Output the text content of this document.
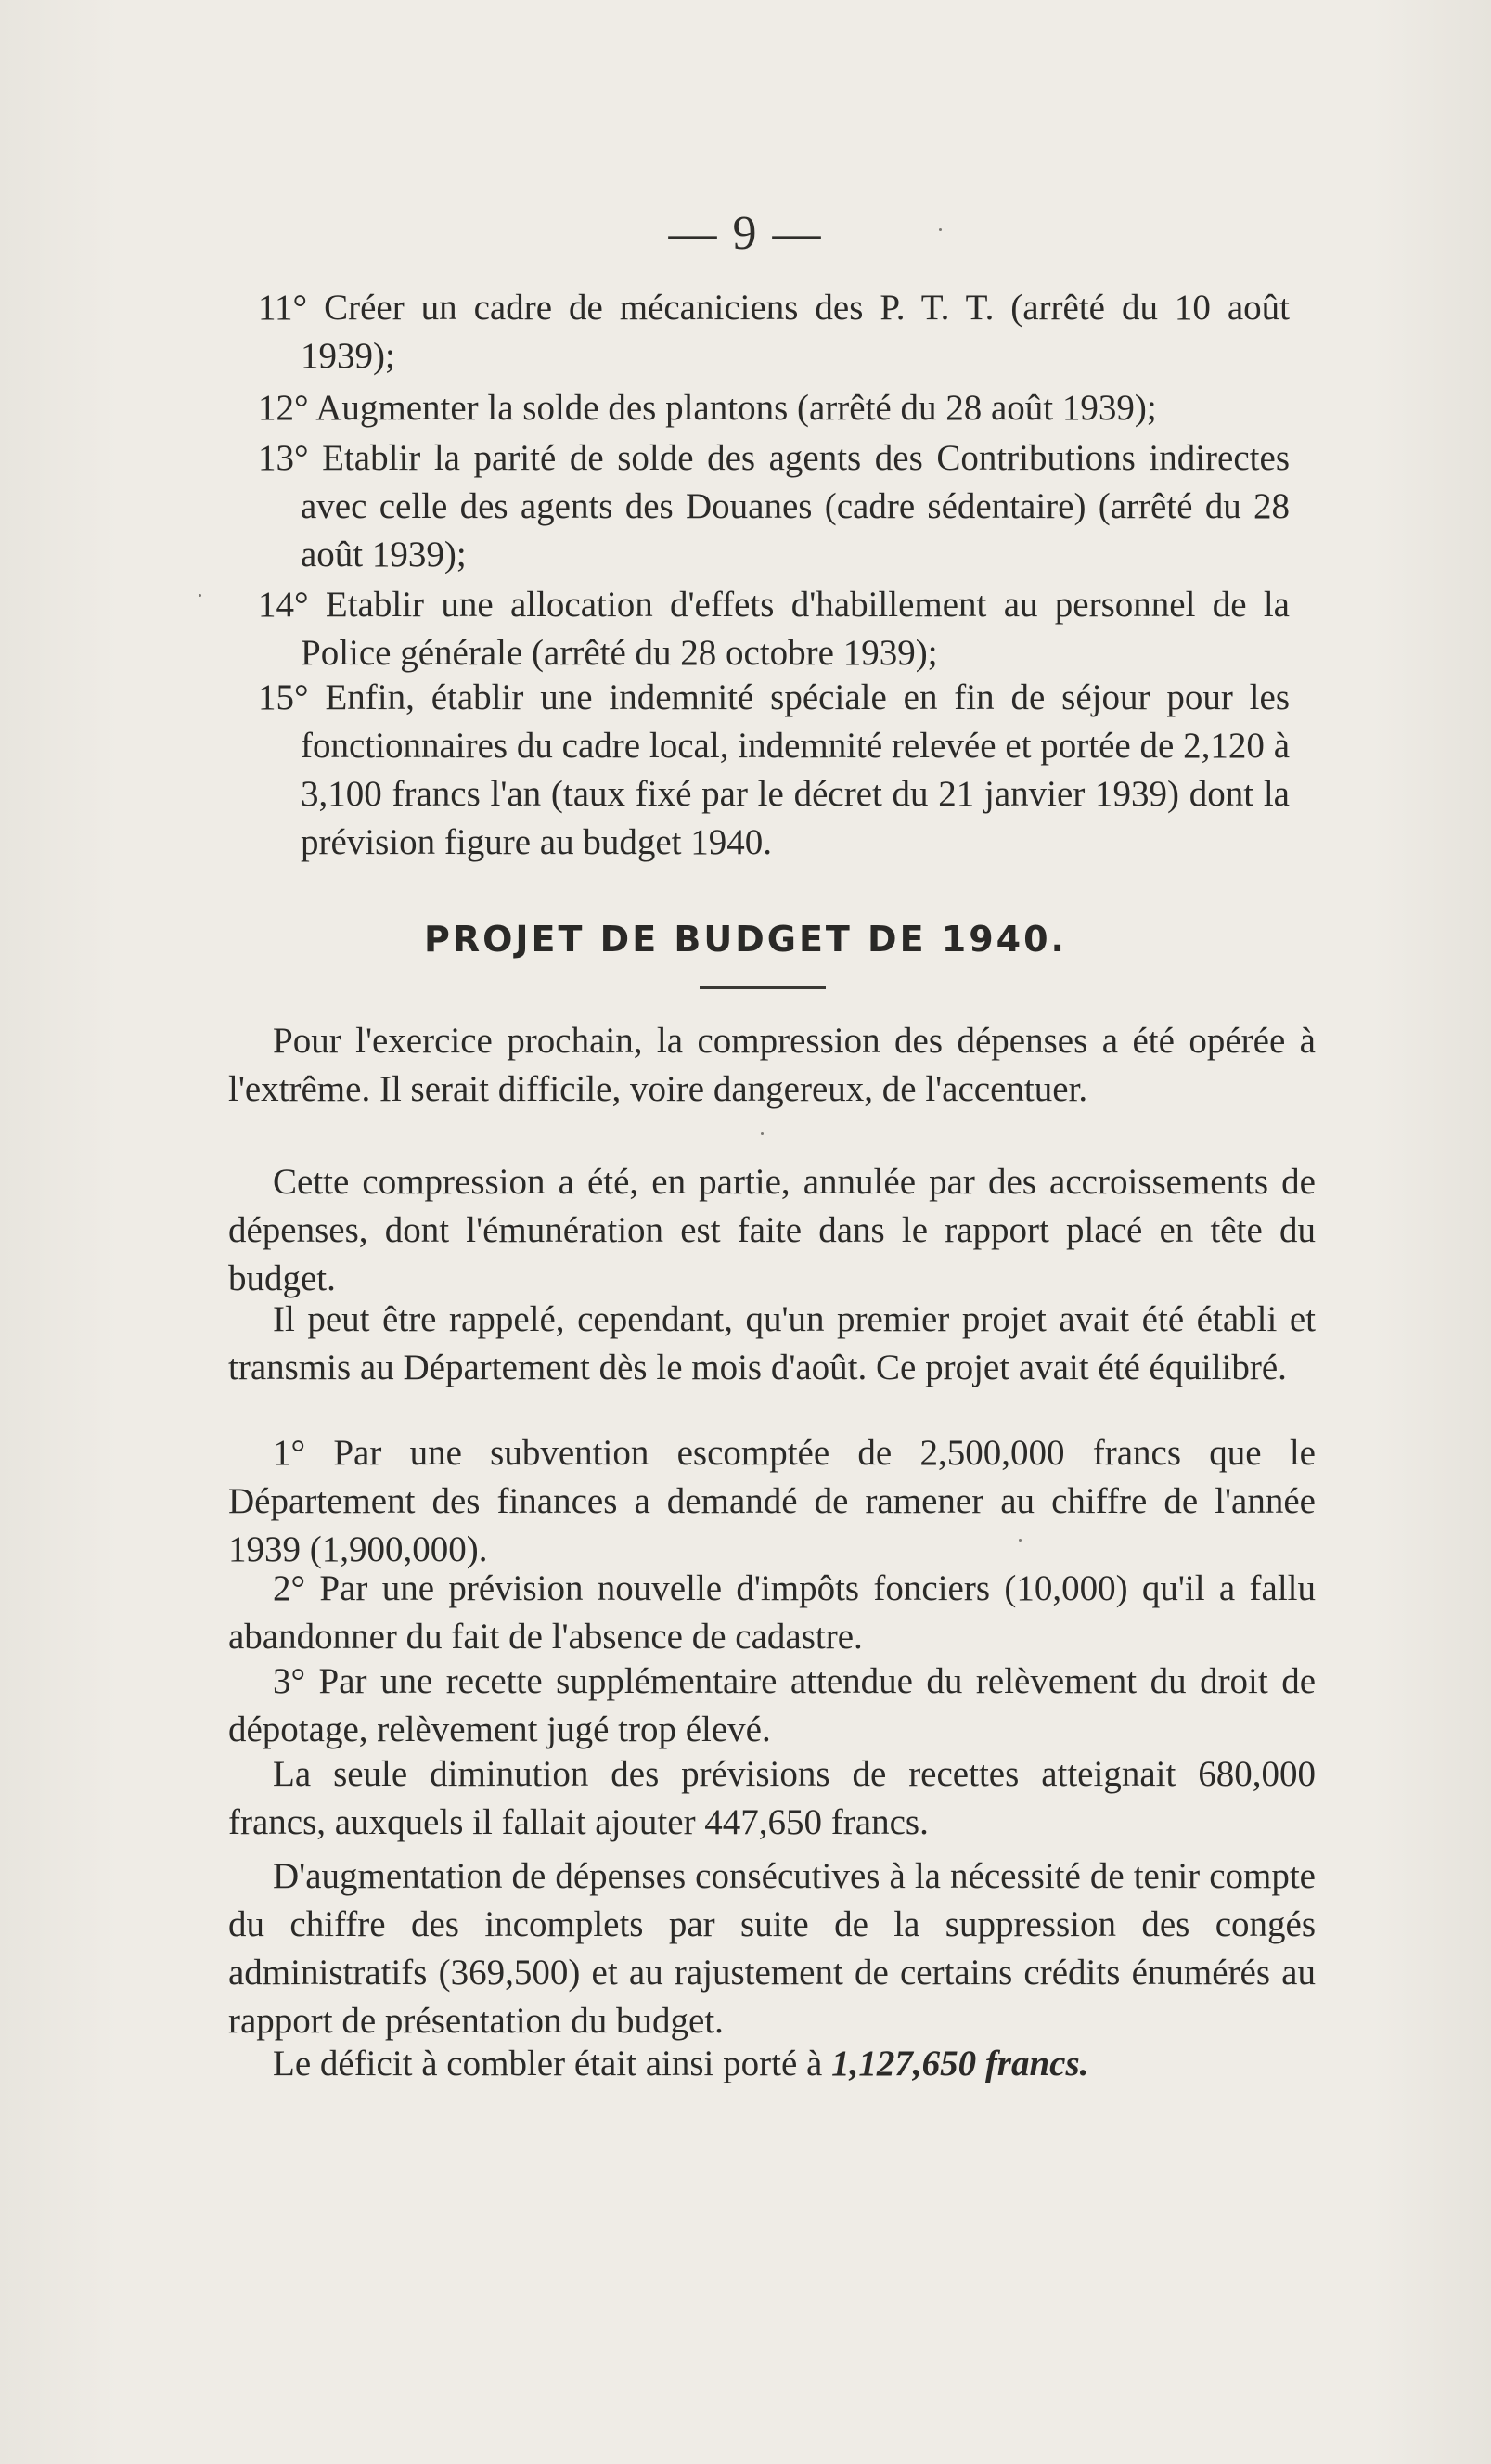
— 9 —
11° Créer un cadre de mécaniciens des P. T. T. (arrêté du 10 août 1939);
12° Augmenter la solde des plantons (arrêté du 28 août 1939);
13° Etablir la parité de solde des agents des Contributions indirectes avec celle des agents des Douanes (cadre sédentaire) (arrêté du 28 août 1939);
14° Etablir une allocation d'effets d'habillement au personnel de la Police générale (arrêté du 28 octobre 1939);
15° Enfin, établir une indemnité spéciale en fin de séjour pour les fonctionnaires du cadre local, indemnité relevée et portée de 2,120 à 3,100 francs l'an (taux fixé par le décret du 21 janvier 1939) dont la prévision figure au budget 1940.
PROJET DE BUDGET DE 1940.
Pour l'exercice prochain, la compression des dépenses a été opérée à l'extrême. Il serait difficile, voire dangereux, de l'accentuer.
Cette compression a été, en partie, annulée par des accroissements de dépenses, dont l'émunération est faite dans le rapport placé en tête du budget.
Il peut être rappelé, cependant, qu'un premier projet avait été établi et transmis au Département dès le mois d'août. Ce projet avait été équilibré.
1° Par une subvention escomptée de 2,500,000 francs que le Département des finances a demandé de ramener au chiffre de l'année 1939 (1,900,000).
2° Par une prévision nouvelle d'impôts fonciers (10,000) qu'il a fallu abandonner du fait de l'absence de cadastre.
3° Par une recette supplémentaire attendue du relèvement du droit de dépotage, relèvement jugé trop élevé.
La seule diminution des prévisions de recettes atteignait 680,000 francs, auxquels il fallait ajouter 447,650 francs.
D'augmentation de dépenses consécutives à la nécessité de tenir compte du chiffre des incomplets par suite de la suppression des congés administratifs (369,500) et au rajustement de certains crédits énumérés au rapport de présentation du budget.
Le déficit à combler était ainsi porté à 1,127,650 francs.
